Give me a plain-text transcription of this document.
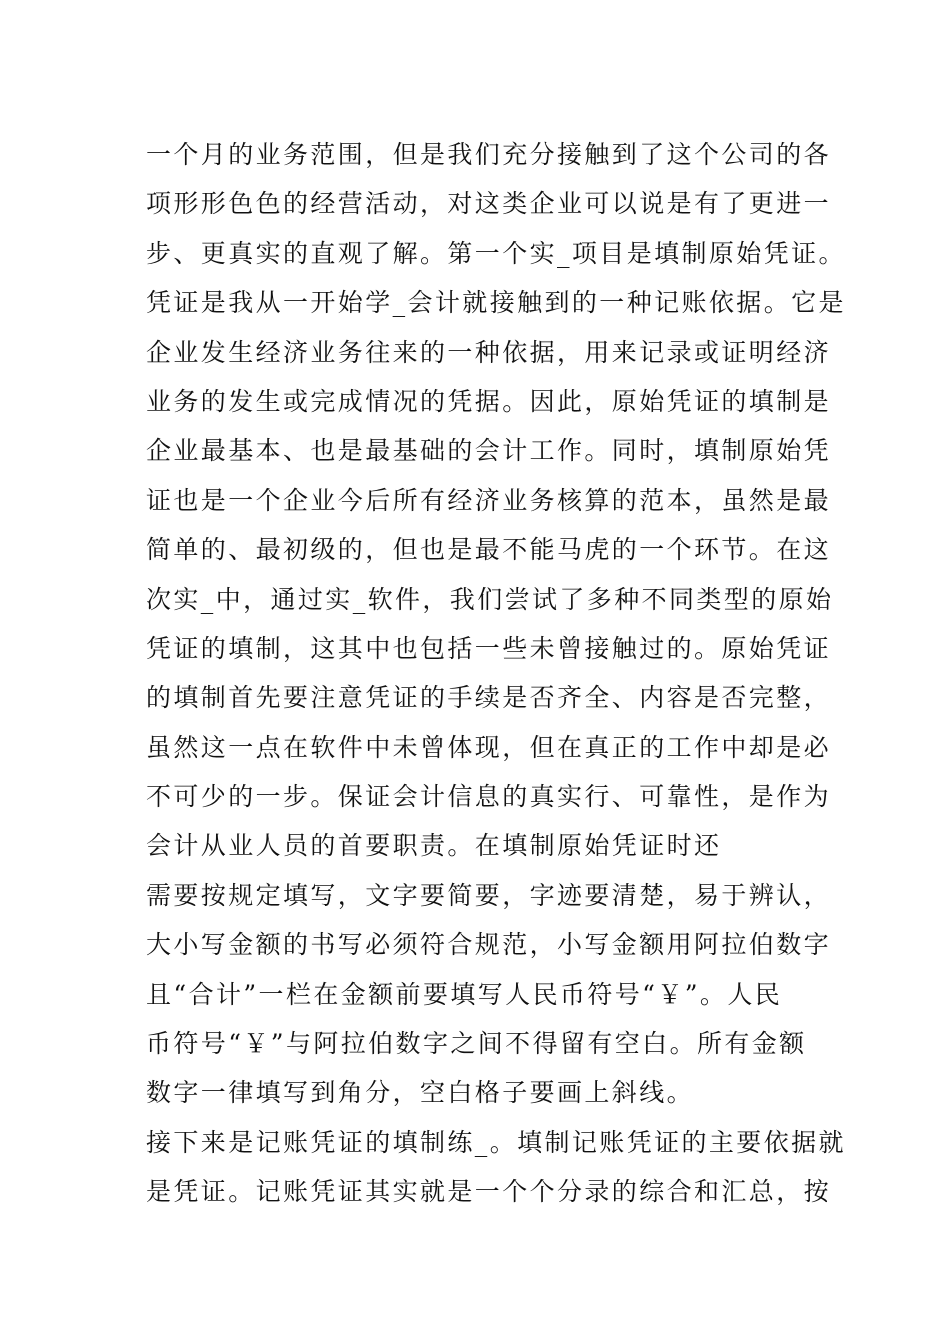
一个月的业务范围，但是我们充分接触到了这个公司的各
项形形色色的经营活动，对这类企业可以说是有了更进一
步、更真实的直观了解。第一个实_项目是填制原始凭证。
凭证是我从一开始学_会计就接触到的一种记账依据。它是
企业发生经济业务往来的一种依据，用来记录或证明经济
业务的发生或完成情况的凭据。因此，原始凭证的填制是
企业最基本、也是最基础的会计工作。同时，填制原始凭
证也是一个企业今后所有经济业务核算的范本，虽然是最
简单的、最初级的，但也是最不能马虎的一个环节。在这
次实_中，通过实_软件，我们尝试了多种不同类型的原始
凭证的填制，这其中也包括一些未曾接触过的。原始凭证
的填制首先要注意凭证的手续是否齐全、内容是否完整，
虽然这一点在软件中未曾体现，但在真正的工作中却是必
不可少的一步。保证会计信息的真实行、可靠性，是作为
会计从业人员的首要职责。在填制原始凭证时还
需要按规定填写，文字要简要，字迹要清楚，易于辨认，
大小写金额的书写必须符合规范，小写金额用阿拉伯数字
且“合计”一栏在金额前要填写人民币符号“￥”。人民
币符号“￥”与阿拉伯数字之间不得留有空白。所有金额
数字一律填写到角分，空白格子要画上斜线。
接下来是记账凭证的填制练_。填制记账凭证的主要依据就
是凭证。记账凭证其实就是一个个分录的综合和汇总，按
